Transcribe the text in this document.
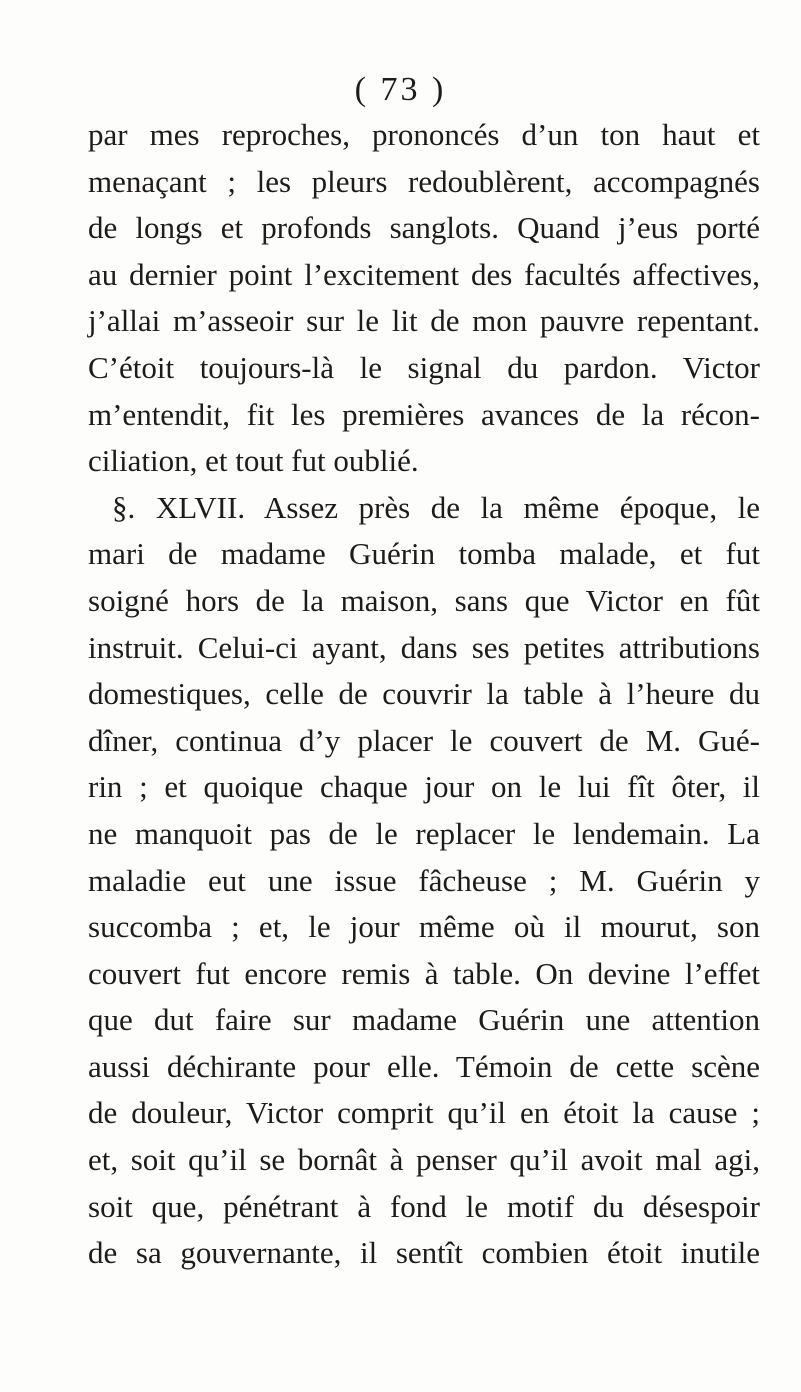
( 73 )
par mes reproches, prononcés d’un ton haut et
menaçant ; les pleurs redoublèrent, accompagnés
de longs et profonds sanglots. Quand j’eus porté
au dernier point l’excitement des facultés affectives,
j’allai m’asseoir sur le lit de mon pauvre repentant.
C’étoit toujours-là le signal du pardon. Victor
m’entendit, fit les premières avances de la récon-
ciliation, et tout fut oublié.
§. XLVII. Assez près de la même époque, le
mari de madame Guérin tomba malade, et fut
soigné hors de la maison, sans que Victor en fût
instruit. Celui-ci ayant, dans ses petites attributions
domestiques, celle de couvrir la table à l’heure du
dîner, continua d’y placer le couvert de M. Gué-
rin ; et quoique chaque jour on le lui fît ôter, il
ne manquoit pas de le replacer le lendemain. La
maladie eut une issue fâcheuse ; M. Guérin y
succomba ; et, le jour même où il mourut, son
couvert fut encore remis à table. On devine l’effet
que dut faire sur madame Guérin une attention
aussi déchirante pour elle. Témoin de cette scène
de douleur, Victor comprit qu’il en étoit la cause ;
et, soit qu’il se bornât à penser qu’il avoit mal agi,
soit que, pénétrant à fond le motif du désespoir
de sa gouvernante, il sentît combien étoit inutile
